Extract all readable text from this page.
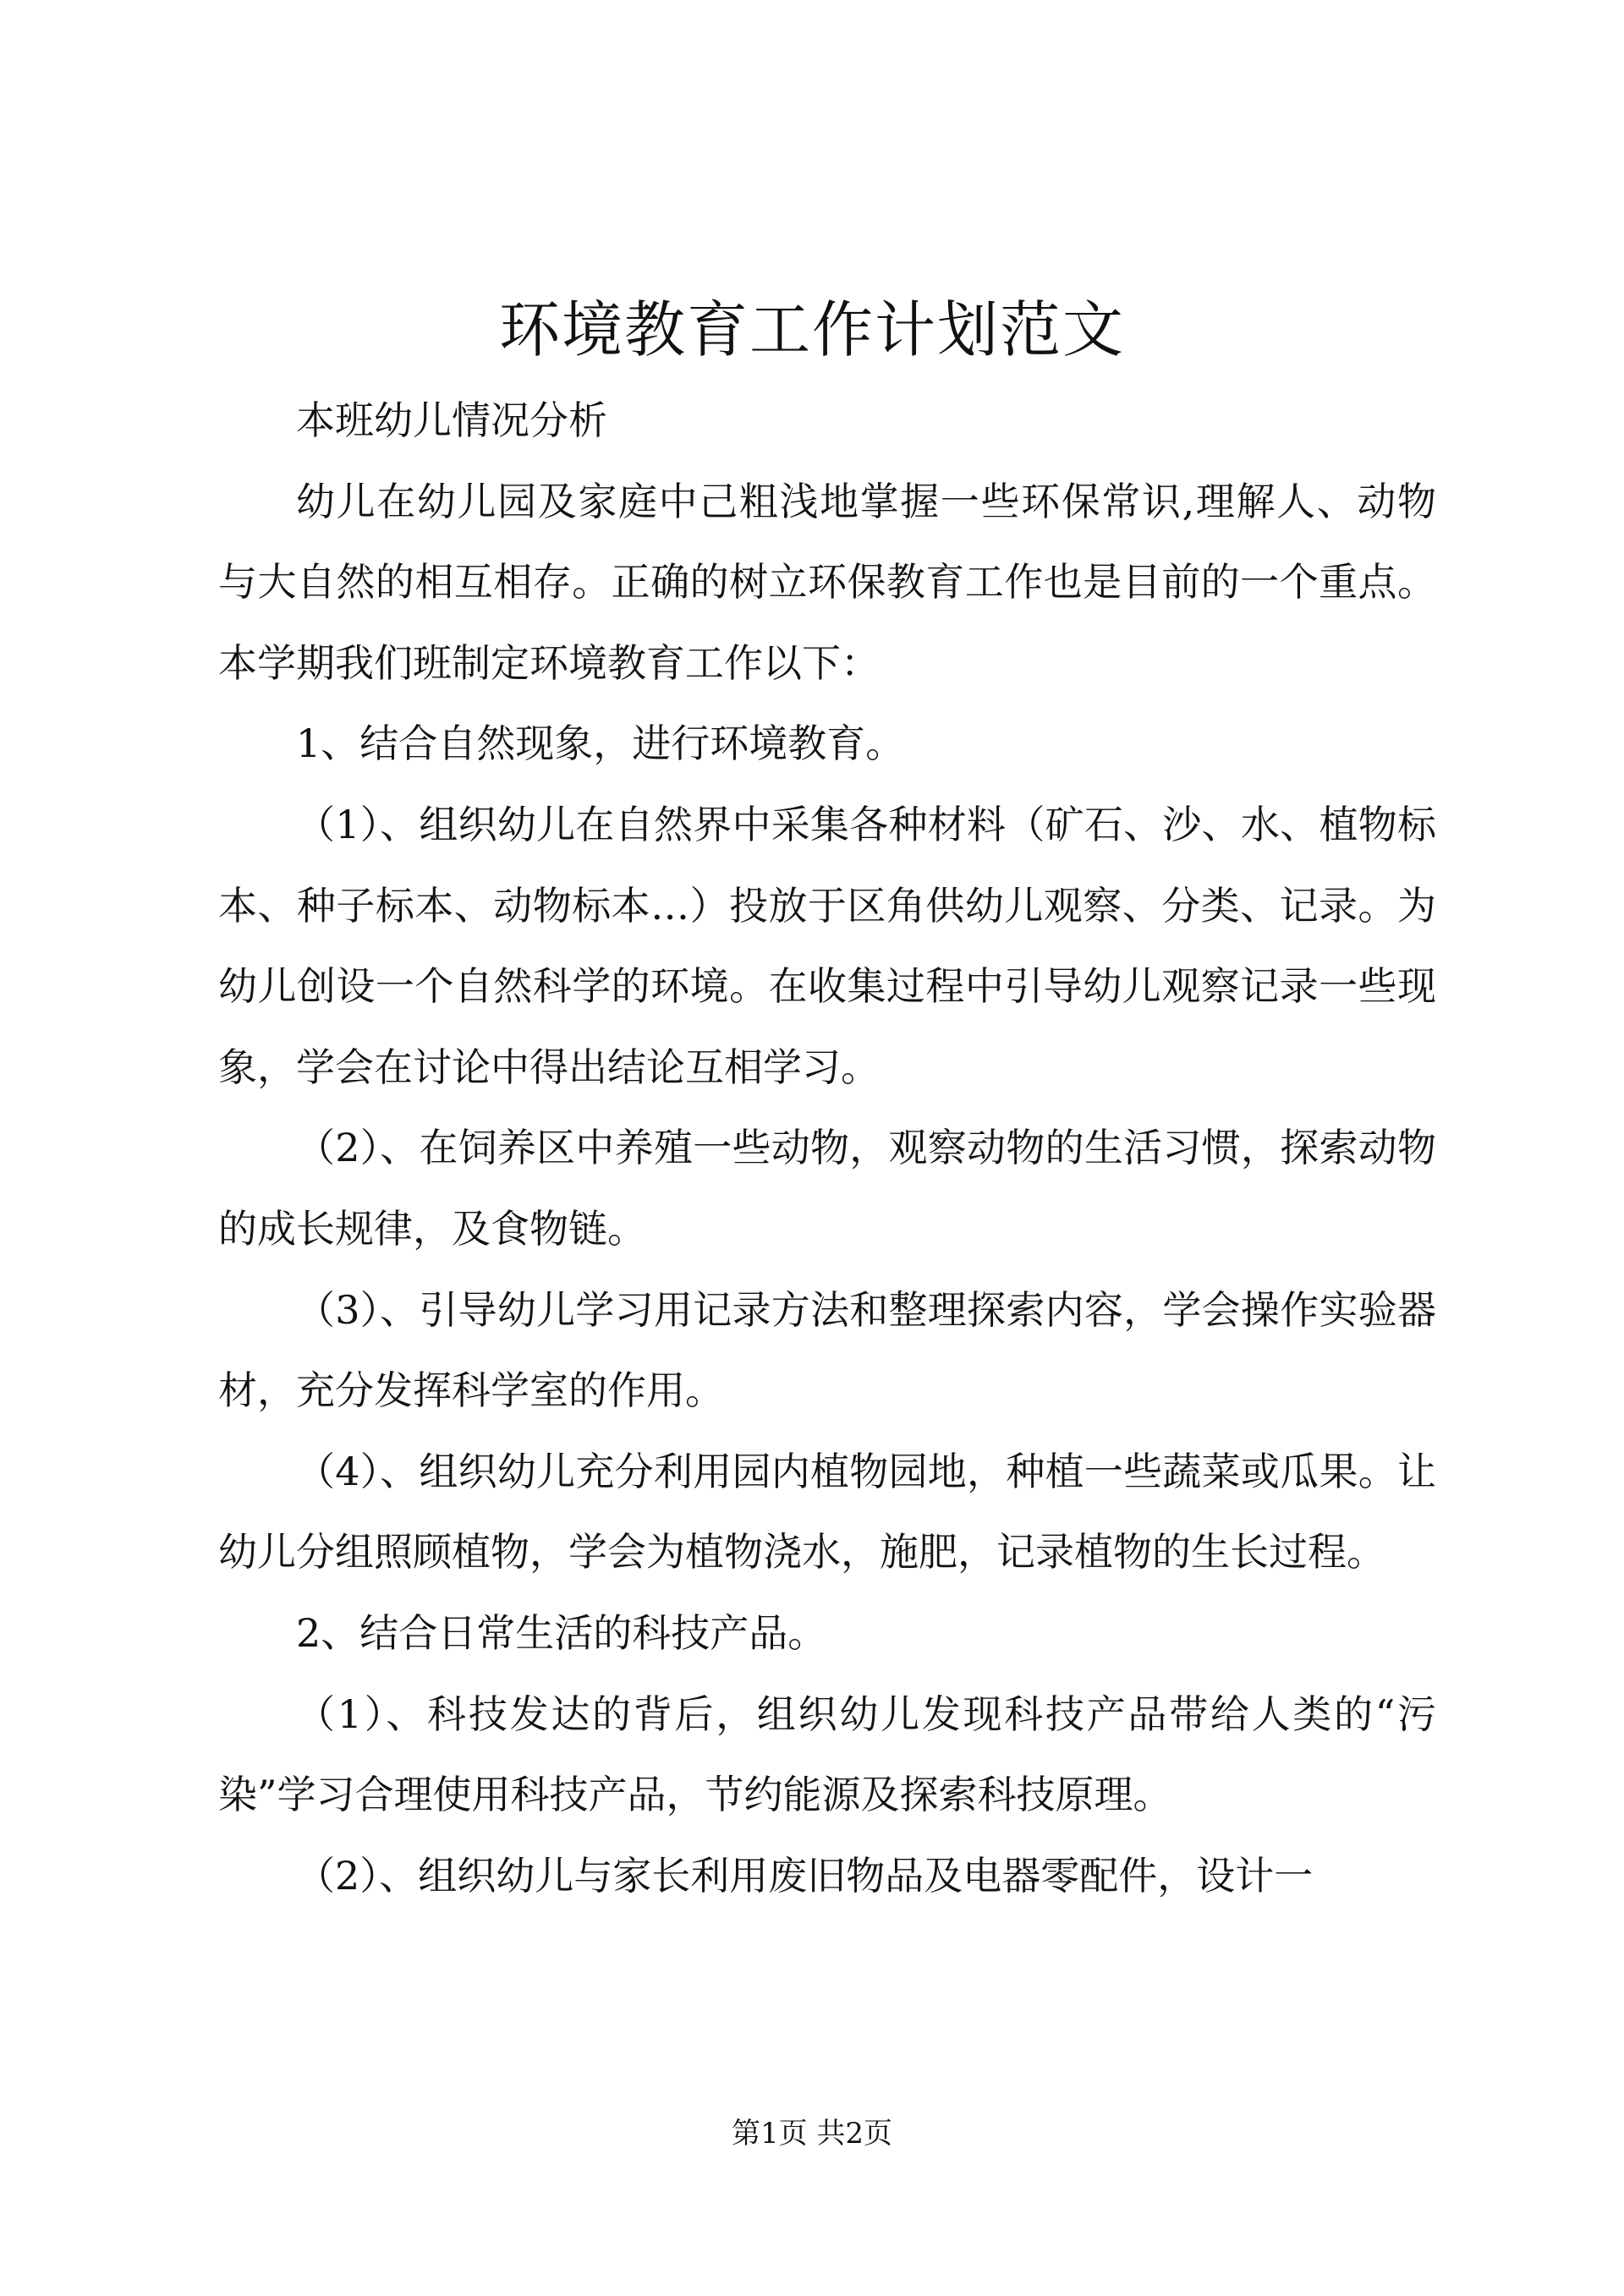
环境教育工作计划范文

本班幼儿情况分析

幼儿在幼儿园及家庭中己粗浅地掌握一些环保常识,理解人、动物与大自然的相互相存。正确的树立环保教育工作也是目前的一个重点。本学期我们班制定环境教育工作以下：

1、结合自然现象，进行环境教育。

（1）、组织幼儿在自然界中采集各种材料（矿石、沙、水、植物标本、种子标本、动物标本…）投放于区角供幼儿观察、分类、记录。为幼儿创设一个自然科学的环境。在收集过程中引导幼儿观察记录一些现象，学会在讨论中得出结论互相学习。

（2）、在饲养区中养殖一些动物，观察动物的生活习惯，探索动物的成长规律，及食物链。

（3）、引导幼儿学习用记录方法和整理探索内容，学会操作实验器材，充分发挥科学室的作用。

（4）、组织幼儿充分利用园内植物园地，种植一些蔬菜或瓜果。让幼儿分组照顾植物，学会为植物浇水，施肥，记录植物的生长过程。

2、结合日常生活的科技产品。

（1）、科技发达的背后，组织幼儿发现科技产品带给人类的“污染”学习合理使用科技产品，节约能源及探索科技原理。

（2）、组织幼儿与家长利用废旧物品及电器零配件，设计一

第1页 共2页
